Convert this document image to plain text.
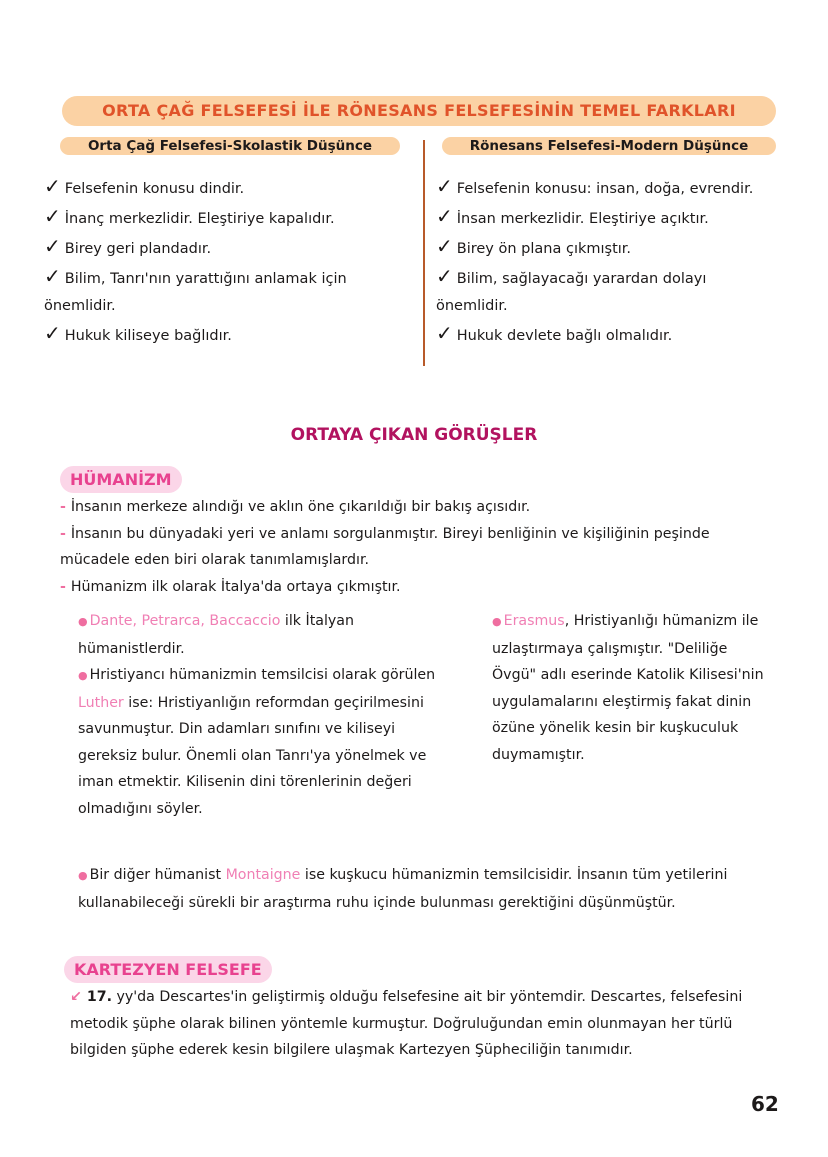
ORTA ÇAĞ FELSEFESİ İLE RÖNESANS FELSEFESİNİN TEMEL FARKLARI
Orta Çağ Felsefesi-Skolastik Düşünce	Rönesans Felsefesi-Modern Düşünce
✓ Felsefenin konusu dindir.
✓ İnanç merkezlidir. Eleştiriye kapalıdır.
✓ Birey geri plandadır.
✓ Bilim, Tanrı'nın yarattığını anlamak için önemlidir.
✓ Hukuk kiliseye bağlıdır.
✓ Felsefenin konusu: insan, doğa, evrendir.
✓ İnsan merkezlidir. Eleştiriye açıktır.
✓ Birey ön plana çıkmıştır.
✓ Bilim, sağlayacağı yarardan dolayı önemlidir.
✓ Hukuk devlete bağlı olmalıdır.
ORTAYA ÇIKAN GÖRÜŞLER
HÜMANİZM

- İnsanın merkeze alındığı ve aklın öne çıkarıldığı bir bakış açısıdır.

- İnsanın bu dünyadaki yeri ve anlamı sorgulanmıştır. Bireyi benliğinin ve kişiliğinin peşinde mücadele eden biri olarak tanımlamışlardır.

- Hümanizm ilk olarak İtalya'da ortaya çıkmıştır.

● Dante, Petrarca, Baccaccio ilk İtalyan hümanistlerdir.

● Hristiyancı hümanizmin temsilcisi olarak görülen Luther ise: Hristiyanlığın reformdan geçirilmesini savunmuştur. Din adamları sınıfını ve kiliseyi gereksiz bulur. Önemli olan Tanrı'ya yönelmek ve iman etmektir. Kilisenin dini törenlerinin değeri olmadığını söyler.

● Erasmus, Hristiyanlığı hümanizm ile uzlaştırmaya çalışmıştır. "Deliliğe Övgü" adlı eserinde Katolik Kilisesi'nin uygulamalarını eleştirmiş fakat dinin özüne yönelik kesin bir kuşkuculuk duymamıştır.

● Bir diğer hümanist Montaigne ise kuşkucu hümanizmin temsilcisidir. İnsanın tüm yetilerini kullanabileceği sürekli bir araştırma ruhu içinde bulunması gerektiğini düşünmüştür.

KARTEZYEN FELSEFE

↙ 17. yy'da Descartes'in geliştirmiş olduğu felsefesine ait bir yöntemdir. Descartes, felsefesini metodik şüphe olarak bilinen yöntemle kurmuştur. Doğruluğundan emin olunmayan her türlü bilgiden şüphe ederek kesin bilgilere ulaşmak Kartezyen Şüpheciliğin tanımıdır.

62
